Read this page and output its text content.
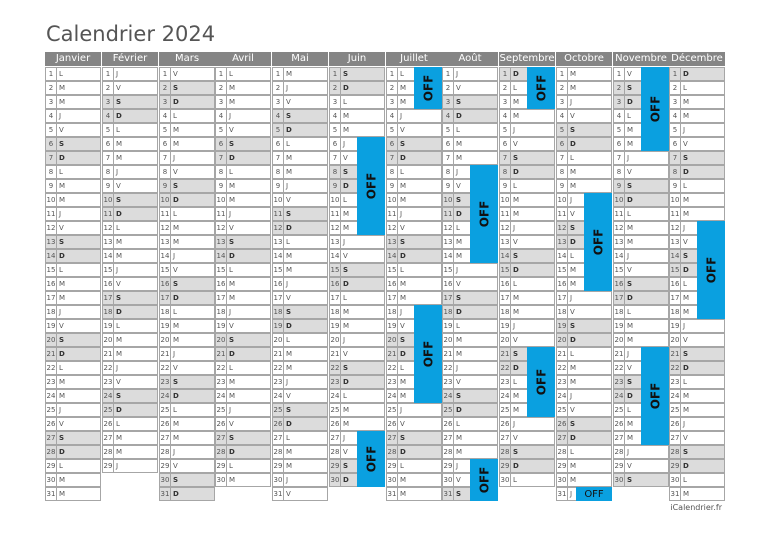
Calendrier 2024
Janvier
1 L
2 M
3 M
4 J
5 V
6 S
7 D
8 L
9 M
10 M
11 J
12 V
13 S
14 D
15 L
16 M
17 M
18 J
19 V
20 S
21 D
22 L
23 M
24 M
25 J
26 V
27 S
28 D
29 L
30 M
31 M
Février
1 J
2 V
3 S
4 D
5 L
6 M
7 M
8 J
9 V
10 S
11 D
12 L
13 M
14 M
15 J
16 V
17 S
18 D
19 L
20 M
21 M
22 J
23 V
24 S
25 D
26 L
27 M
28 M
29 J
Mars
1 V
2 S
3 D
4 L
5 M
6 M
7 J
8 V
9 S
10 D
11 L
12 M
13 M
14 J
15 V
16 S
17 D
18 L
19 M
20 M
21 J
22 V
23 S
24 D
25 L
26 M
27 M
28 J
29 V
30 S
31 D
Avril
1 L
2 M
3 M
4 J
5 V
6 S
7 D
8 L
9 M
10 M
11 J
12 V
13 S
14 D
15 L
16 M
17 M
18 J
19 V
20 S
21 D
22 L
23 M
24 M
25 J
26 V
27 S
28 D
29 L
30 M
Mai
1 M
2 J
3 V
4 S
5 D
6 L
7 M
8 M
9 J
10 V
11 S
12 D
13 L
14 M
15 M
16 J
17 V
18 S
19 D
20 L
21 M
22 M
23 J
24 V
25 S
26 D
27 L
28 M
29 M
30 J
31 V
Juin
1 S
2 D
3 L
4 M
5 M
6 J
7 V
8 S
9 D
10 L
11 M
12 M
13 J
14 V
15 S
16 D
17 L
18 M
19 M
20 J
21 V
22 S
23 D
24 L
25 M
26 M
27 J
28 V
29 S
30 D
Juillet
1 L
2 M
3 M
4 J
5 V
6 S
7 D
8 L
9 M
10 M
11 J
12 V
13 S
14 D
15 L
16 M
17 M
18 J
19 V
20 S
21 D
22 L
23 M
24 M
25 J
26 V
27 S
28 D
29 L
30 M
31 M
Août
1 J
2 V
3 S
4 D
5 L
6 M
7 M
8 J
9 V
10 S
11 D
12 L
13 M
14 M
15 J
16 V
17 S
18 D
19 L
20 M
21 M
22 J
23 V
24 S
25 D
26 L
27 M
28 M
29 J
30 V
31 S
Septembre
1 D
2 L
3 M
4 M
5 J
6 V
7 S
8 D
9 L
10 M
11 M
12 J
13 V
14 S
15 D
16 L
17 M
18 M
19 J
20 V
21 S
22 D
23 L
24 M
25 M
26 J
27 V
28 S
29 D
30 L
Octobre
1 M
2 M
3 J
4 V
5 S
6 D
7 L
8 M
9 M
10 J
11 V
12 S
13 D
14 L
15 M
16 M
17 J
18 V
19 S
20 D
21 L
22 M
23 M
24 J
25 V
26 S
27 D
28 L
29 M
30 M
31 J
Novembre
1 V
2 S
3 D
4 L
5 M
6 M
7 J
8 V
9 S
10 D
11 L
12 M
13 M
14 J
15 V
16 S
17 D
18 L
19 M
20 M
21 J
22 V
23 S
24 D
25 L
26 M
27 M
28 J
29 V
30 S
Décembre
1 D
2 L
3 M
4 M
5 J
6 V
7 S
8 D
9 L
10 M
11 M
12 J
13 V
14 S
15 D
16 L
17 M
18 M
19 J
20 V
21 S
22 D
23 L
24 M
25 M
26 J
27 V
28 S
29 D
30 L
31 M
OFF
OFF
OFF
OFF
OFF
OFF
OFF
OFF
OFF
OFF
OFF
OFF
OFF
iCalendrier.fr
